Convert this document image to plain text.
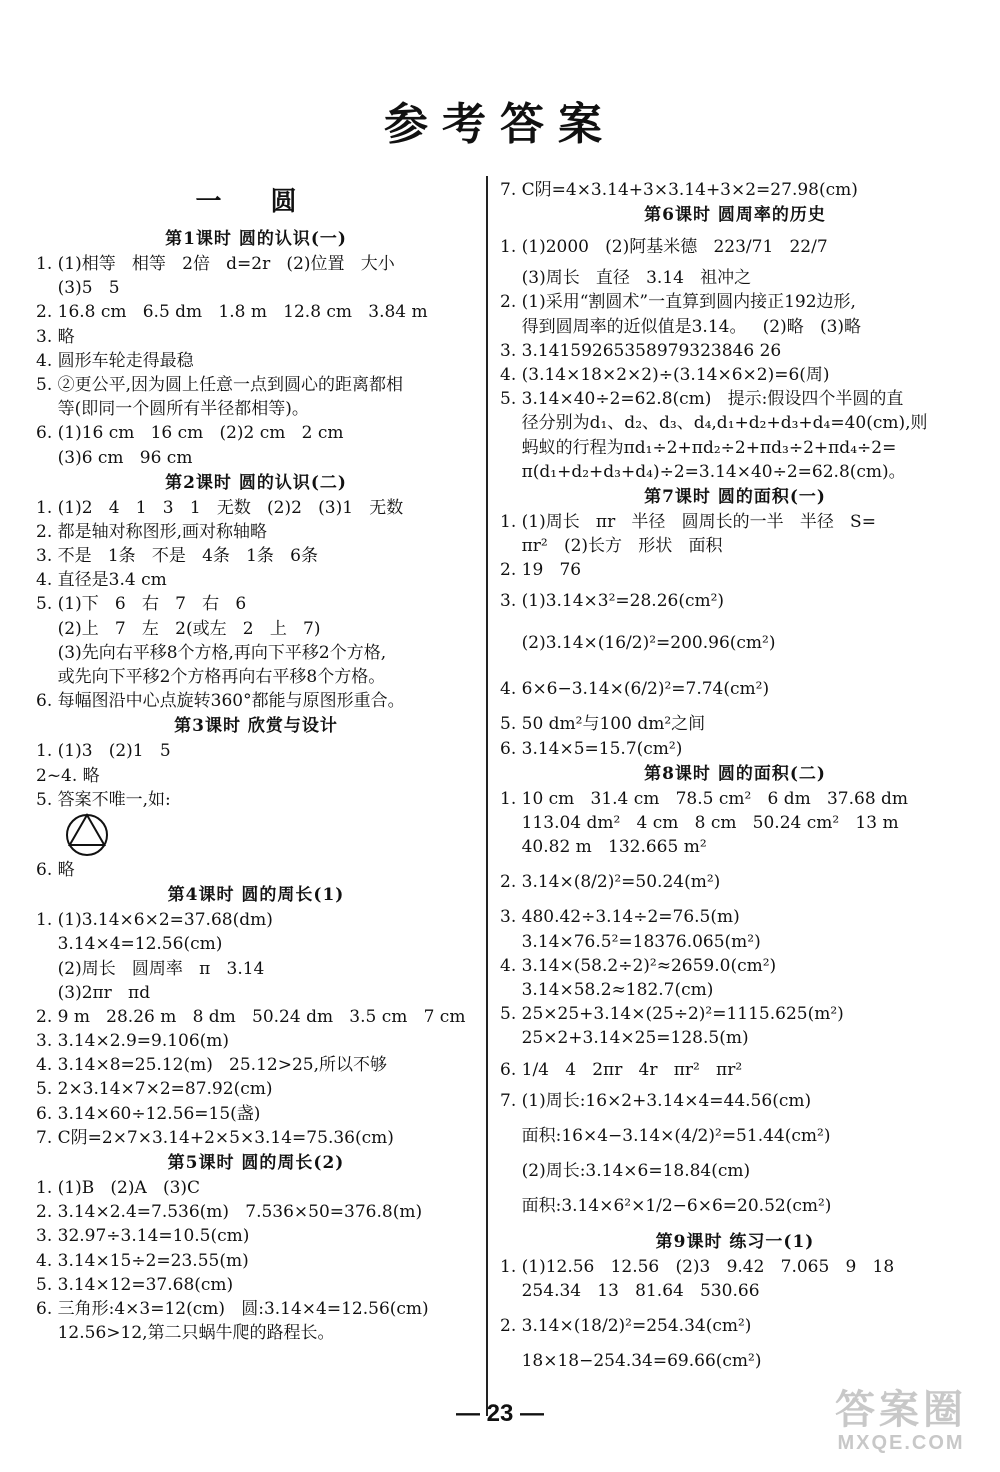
参考答案
一 圆
第1课时 圆的认识(一)
1. (1)相等   相等   2倍   d=2r   (2)位置   大小
(3)5   5
2. 16.8 cm   6.5 dm   1.8 m   12.8 cm   3.84 m
3. 略
4. 圆形车轮走得最稳
5. ②更公平,因为圆上任意一点到圆心的距离都相
等(即同一个圆所有半径都相等)。
6. (1)16 cm   16 cm   (2)2 cm   2 cm
(3)6 cm   96 cm
第2课时 圆的认识(二)
1. (1)2   4   1   3   1   无数   (2)2   (3)1   无数
2. 都是轴对称图形,画对称轴略
3. 不是   1条   不是   4条   1条   6条
4. 直径是3.4 cm
5. (1)下   6   右   7   右   6
(2)上   7   左   2(或左   2   上   7)
(3)先向右平移8个方格,再向下平移2个方格,
或先向下平移2个方格再向右平移8个方格。
6. 每幅图沿中心点旋转360°都能与原图形重合。
第3课时 欣赏与设计
1. (1)3   (2)1   5
2~4. 略
5. 答案不唯一,如:
6. 略
第4课时 圆的周长(1)
1. (1)3.14×6×2=37.68(dm)
3.14×4=12.56(cm)
(2)周长   圆周率   π   3.14
(3)2πr   πd
2. 9 m   28.26 m   8 dm   50.24 dm   3.5 cm   7 cm
3. 3.14×2.9=9.106(m)
4. 3.14×8=25.12(m)   25.12>25,所以不够
5. 2×3.14×7×2=87.92(cm)
6. 3.14×60÷12.56=15(盏)
7. C阴=2×7×3.14+2×5×3.14=75.36(cm)
第5课时 圆的周长(2)
1. (1)B   (2)A   (3)C
2. 3.14×2.4=7.536(m)   7.536×50=376.8(m)
3. 32.97÷3.14=10.5(cm)
4. 3.14×15÷2=23.55(m)
5. 3.14×12=37.68(cm)
6. 三角形:4×3=12(cm)   圆:3.14×4=12.56(cm)
12.56>12,第二只蜗牛爬的路程长。
7. C阴=4×3.14+3×3.14+3×2=27.98(cm)
第6课时 圆周率的历史
1. (1)2000   (2)阿基米德   223/71   22/7
(3)周长   直径   3.14   祖冲之
2. (1)采用“割圆术”一直算到圆内接正192边形,
得到圆周率的近似值是3.14。   (2)略   (3)略
3. 3.14159265358979323846 26
4. (3.14×18×2×2)÷(3.14×6×2)=6(周)
5. 3.14×40÷2=62.8(cm)   提示:假设四个半圆的直
径分别为d₁、d₂、d₃、d₄,d₁+d₂+d₃+d₄=40(cm),则
蚂蚁的行程为πd₁÷2+πd₂÷2+πd₃÷2+πd₄÷2=
π(d₁+d₂+d₃+d₄)÷2=3.14×40÷2=62.8(cm)。
第7课时 圆的面积(一)
1. (1)周长   πr   半径   圆周长的一半   半径   S=
πr²   (2)长方   形状   面积
2. 19   76
3. (1)3.14×3²=28.26(cm²)
(2)3.14×(16/2)²=200.96(cm²)
4. 6×6−3.14×(6/2)²=7.74(cm²)
5. 50 dm²与100 dm²之间
6. 3.14×5=15.7(cm²)
第8课时 圆的面积(二)
1. 10 cm   31.4 cm   78.5 cm²   6 dm   37.68 dm
113.04 dm²   4 cm   8 cm   50.24 cm²   13 m
40.82 m   132.665 m²
2. 3.14×(8/2)²=50.24(m²)
3. 480.42÷3.14÷2=76.5(m)
3.14×76.5²=18376.065(m²)
4. 3.14×(58.2÷2)²≈2659.0(cm²)
3.14×58.2≈182.7(cm)
5. 25×25+3.14×(25÷2)²=1115.625(m²)
25×2+3.14×25=128.5(m)
6. 1/4   4   2πr   4r   πr²   πr²
7. (1)周长:16×2+3.14×4=44.56(cm)
面积:16×4−3.14×(4/2)²=51.44(cm²)
(2)周长:3.14×6=18.84(cm)
面积:3.14×6²×1/2−6×6=20.52(cm²)
第9课时 练习一(1)
1. (1)12.56   12.56   (2)3   9.42   7.065   9   18
254.34   13   81.64   530.66
2. 3.14×(18/2)²=254.34(cm²)
18×18−254.34=69.66(cm²)
— 23 —	答案圈
MXQE.COM
